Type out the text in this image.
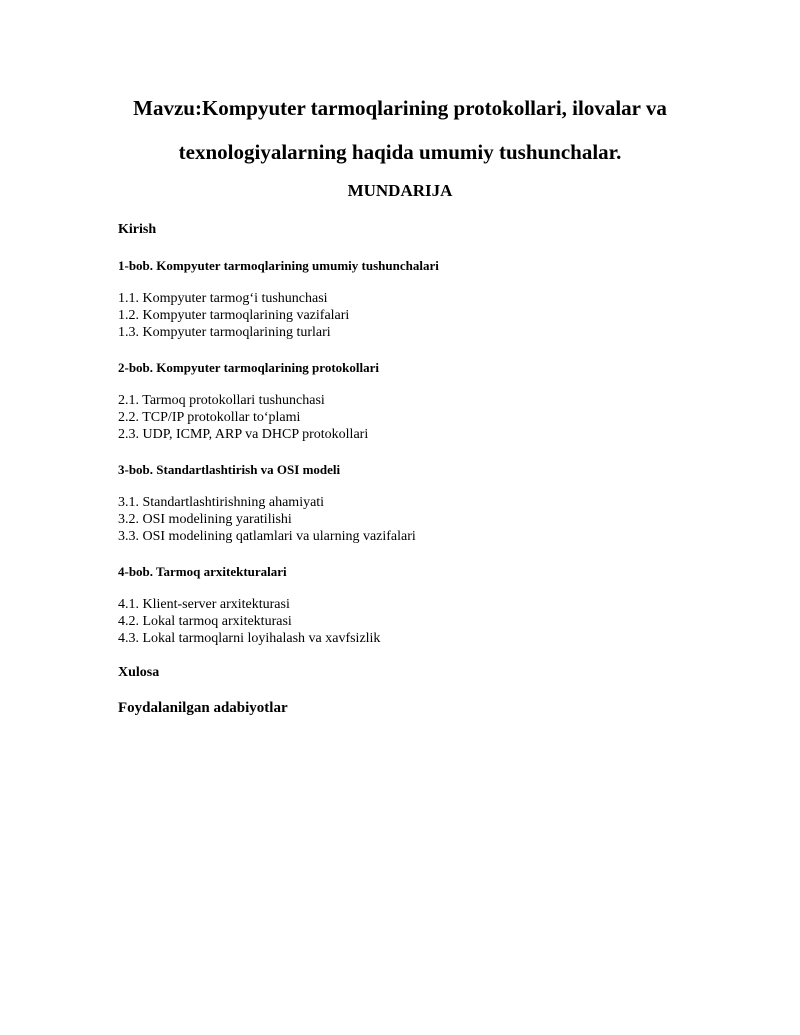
Mavzu:Kompyuter tarmoqlarining protokollari, ilovalar va
texnologiyalarning haqida umumiy tushunchalar.
MUNDARIJA
Kirish
1-bob. Kompyuter tarmoqlarining umumiy tushunchalari
1.1. Kompyuter tarmog‘i tushunchasi
1.2. Kompyuter tarmoqlarining vazifalari
1.3. Kompyuter tarmoqlarining turlari
2-bob. Kompyuter tarmoqlarining protokollari
2.1. Tarmoq protokollari tushunchasi
2.2. TCP/IP protokollar to‘plami
2.3. UDP, ICMP, ARP va DHCP protokollari
3-bob. Standartlashtirish va OSI modeli
3.1. Standartlashtirishning ahamiyati
3.2. OSI modelining yaratilishi
3.3. OSI modelining qatlamlari va ularning vazifalari
4-bob. Tarmoq arxitekturalari
4.1. Klient-server arxitekturasi
4.2. Lokal tarmoq arxitekturasi
4.3. Lokal tarmoqlarni loyihalash va xavfsizlik
Xulosa
Foydalanilgan adabiyotlar
